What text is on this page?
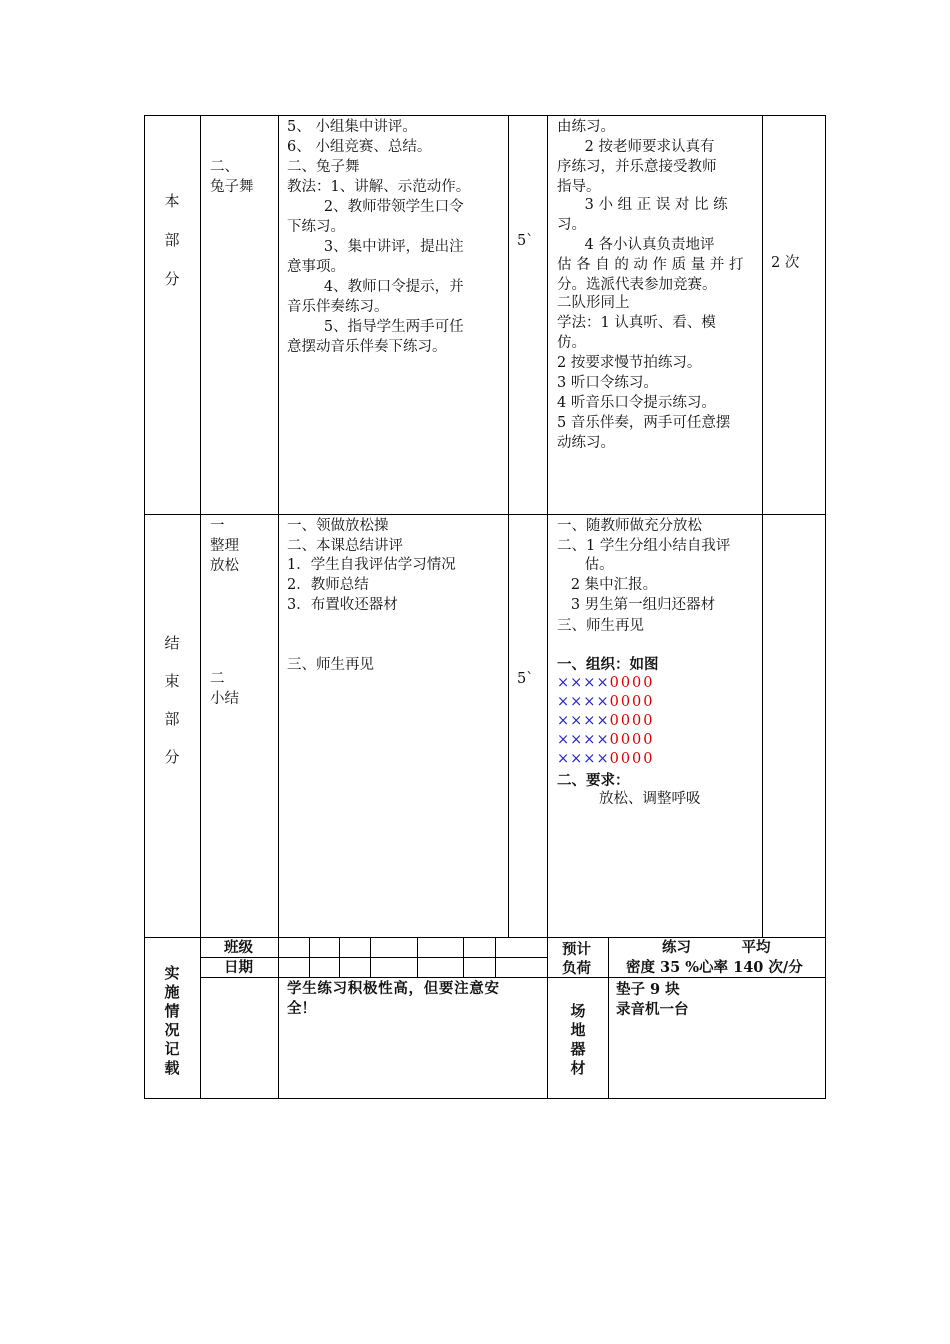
本
部
分
二、
兔子舞
5、 小组集中讲评。
6、 小组竞赛、总结。
二、兔子舞
教法：1、讲解、示范动作。
2、教师带领学生口令
下练习。
3、集中讲评，提出注
意事项。
4、教师口令提示，并
音乐伴奏练习。
5、指导学生两手可任
意摆动音乐伴奏下练习。
5`
由练习。
2 按老师要求认真有
序练习，并乐意接受教师
指导。
3 小 组 正 误 对 比 练
习。
4 各小认真负责地评
估 各 自 的 动 作 质 量 并 打
分。选派代表参加竞赛。
二队形同上
学法：1 认真听、看、模
仿。
2 按要求慢节拍练习。
3 听口令练习。
4 听音乐口令提示练习。
5 音乐伴奏，两手可任意摆
动练习。
2 次
结
束
部
分
一
整理
放松
二
小结
一、领做放松操
二、本课总结讲评
1．学生自我评估学习情况
2．教师总结
3．布置收还器材
三、师生再见
5`
一、随教师做充分放松
二、1 学生分组小结自我评
估。
2 集中汇报。
3 男生第一组归还器材
三、师生再见
一、组织：如图
××××0000
××××0000
××××0000
××××0000
××××0000
二、要求：
放松、调整呼吸
实
施
情
况
记
载
班级
日期
学生练习积极性高，但要注意安全！
预计
负荷
练习          平均
密度 35 %心率 140 次/分
场
地
器
材
垫子 9 块
录音机一台
